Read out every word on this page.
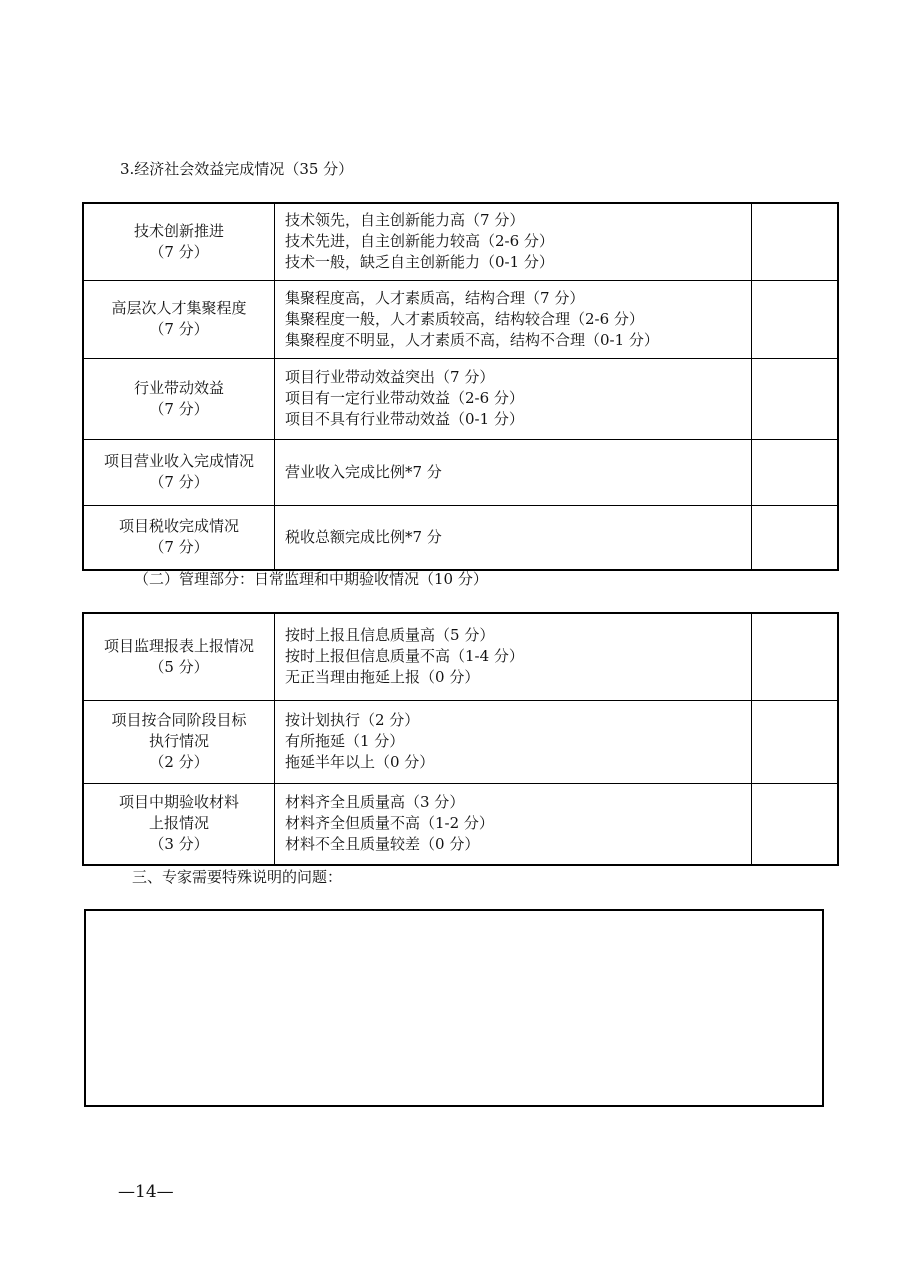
3.经济社会效益完成情况（35 分）
技术创新推进
（7 分）	技术领先，自主创新能力高（7 分）
技术先进，自主创新能力较高（2-6 分）
技术一般，缺乏自主创新能力（0-1 分）	

高层次人才集聚程度
（7 分）	集聚程度高，人才素质高，结构合理（7 分）
集聚程度一般，人才素质较高，结构较合理（2-6 分）
集聚程度不明显，人才素质不高，结构不合理（0-1 分）	

行业带动效益
（7 分）	项目行业带动效益突出（7 分）
项目有一定行业带动效益（2-6 分）
项目不具有行业带动效益（0-1 分）	

项目营业收入完成情况
（7 分）	营业收入完成比例*7 分	

项目税收完成情况
（7 分）	税收总额完成比例*7 分	

（二）管理部分：日常监理和中期验收情况（10 分）
项目监理报表上报情况
（5 分）	按时上报且信息质量高（5 分）
按时上报但信息质量不高（1-4 分）
无正当理由拖延上报（0 分）	

项目按合同阶段目标
执行情况
（2 分）	按计划执行（2 分）
有所拖延（1 分）
拖延半年以上（0 分）	

项目中期验收材料
上报情况
（3 分）	材料齐全且质量高（3 分）
材料齐全但质量不高（1-2 分）
材料不全且质量较差（0 分）	

三、专家需要特殊说明的问题：
—14—
